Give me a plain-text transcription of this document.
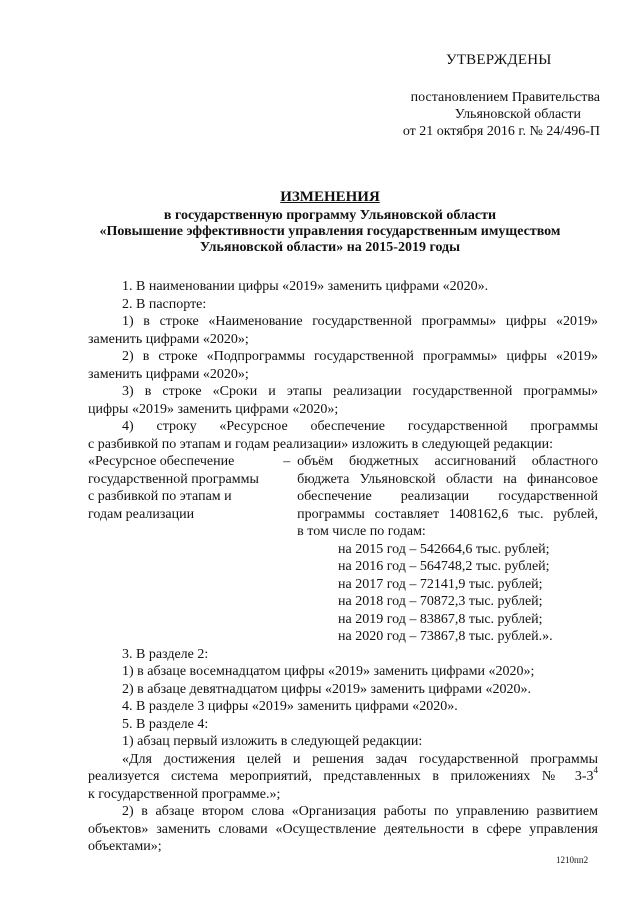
УТВЕРЖДЕНЫ
постановлением Правительства
Ульяновской области
от 21 октября 2016 г. № 24/496-П
ИЗМЕНЕНИЯ
в государственную программу Ульяновской области
«Повышение эффективности управления государственным имуществом
Ульяновской области» на 2015-2019 годы
1. В наименовании цифры «2019» заменить цифрами «2020».
2. В паспорте:
1) в строке «Наименование государственной программы» цифры «2019»
заменить цифрами «2020»;
2) в строке «Подпрограммы государственной программы» цифры «2019»
заменить цифрами «2020»;
3) в строке «Сроки и этапы реализации государственной программы»
цифры «2019» заменить цифрами «2020»;
4) строку «Ресурсное обеспечение государственной программы
с разбивкой по этапам и годам реализации» изложить в следующей редакции:
«Ресурсное обеспечение
государственной программы
с разбивкой по этапам и
годам реализации
– объём бюджетных ассигнований областного
бюджета Ульяновской области на финансовое
обеспечение реализации государственной
программы составляет 1408162,6 тыс. рублей,
в том числе по годам:
на 2015 год – 542664,6 тыс. рублей;
на 2016 год – 564748,2 тыс. рублей;
на 2017 год – 72141,9 тыс. рублей;
на 2018 год – 70872,3 тыс. рублей;
на 2019 год – 83867,8 тыс. рублей;
на 2020 год – 73867,8 тыс. рублей.».
3. В разделе 2:
1) в абзаце восемнадцатом цифры «2019» заменить цифрами «2020»;
2) в абзаце девятнадцатом цифры «2019» заменить цифрами «2020».
4. В разделе 3 цифры «2019» заменить цифрами «2020».
5. В разделе 4:
1) абзац первый изложить в следующей редакции:
«Для достижения целей и решения задач государственной программы
реализуется система мероприятий, представленных в приложениях № 3-3 4
к государственной программе.»;
2) в абзаце втором слова «Организация работы по управлению развитием
объектов» заменить словами «Осуществление деятельности в сфере управления
объектами»;
1210пп2
